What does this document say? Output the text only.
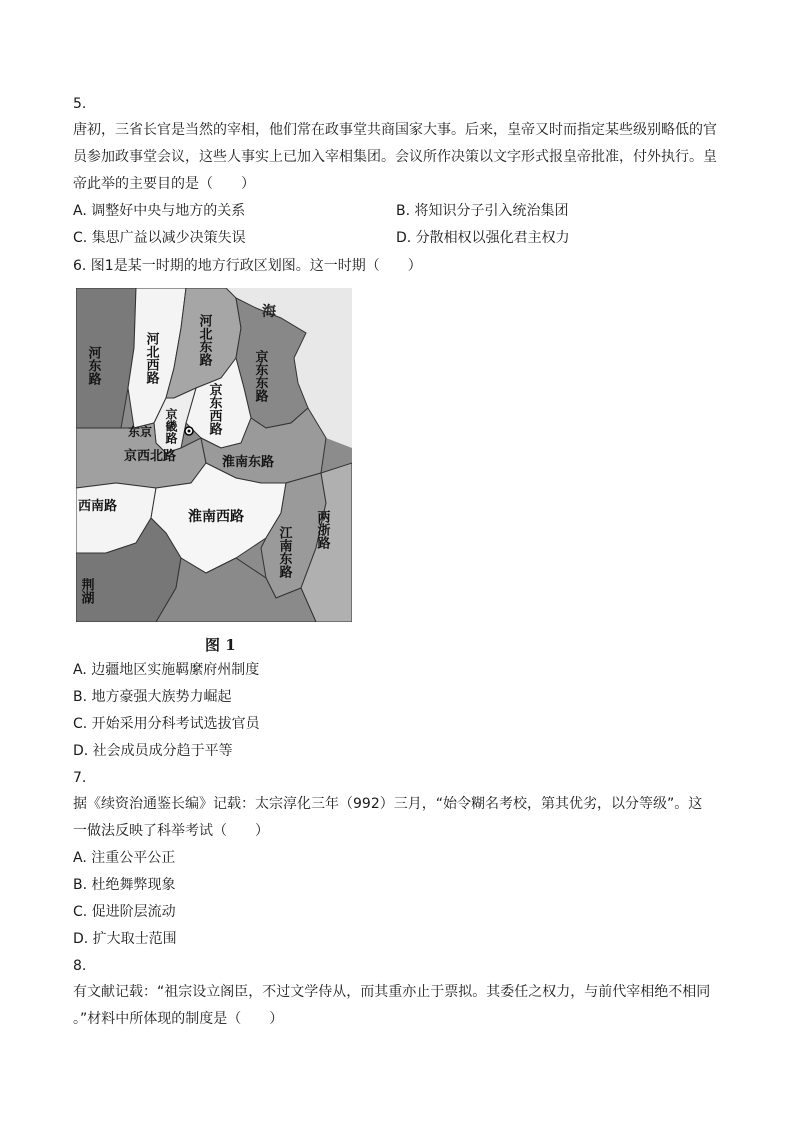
5.
唐初，三省长官是当然的宰相，他们常在政事堂共商国家大事。后来，皇帝又时而指定某些级别略低的官
员参加政事堂会议，这些人事实上已加入宰相集团。会议所作决策以文字形式报皇帝批准，付外执行。皇
帝此举的主要目的是（　　）
A. 调整好中央与地方的关系	B. 将知识分子引入统治集团
C. 集思广益以减少决策失误	D. 分散相权以强化君主权力
6. 图1是某一时期的地方行政区划图。这一时期（　　）
海
河东路	河北西路	河北东路
京东东路
京东西路
京畿路
东京
京西北路	淮南东路
西南路
淮南西路
江南东路 两浙路
荆湖
图 1
A. 边疆地区实施羁縻府州制度
B. 地方豪强大族势力崛起
C. 开始采用分科考试选拔官员
D. 社会成员成分趋于平等
7.
据《续资治通鉴长编》记载：太宗淳化三年（992）三月，“始令糊名考校，第其优劣，以分等级”。这
一做法反映了科举考试（　　）
A. 注重公平公正
B. 杜绝舞弊现象
C. 促进阶层流动
D. 扩大取士范围
8.
有文献记载：“祖宗设立阁臣，不过文学侍从，而其重亦止于票拟。其委任之权力，与前代宰相绝不相同
。”材料中所体现的制度是（　　）
